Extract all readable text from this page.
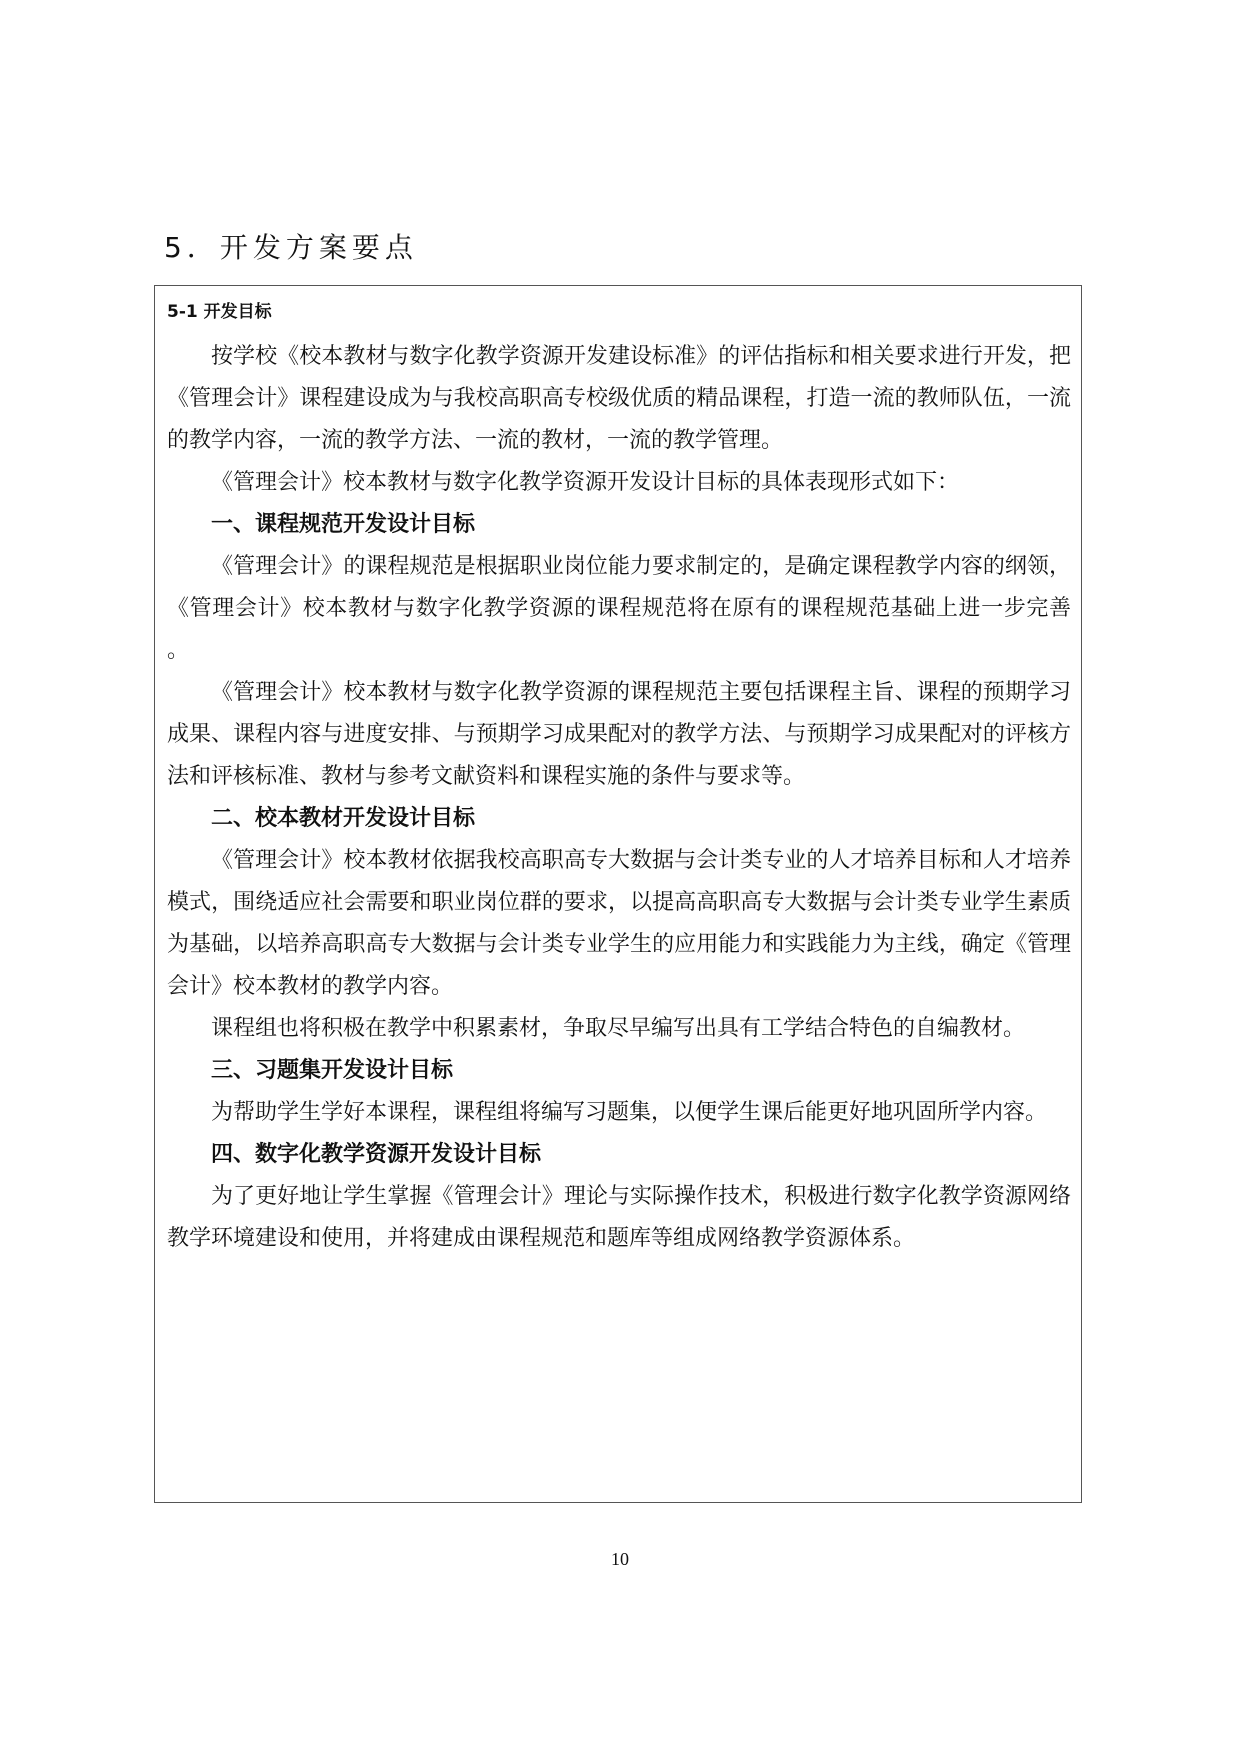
5．开发方案要点

5-1 开发目标

按学校《校本教材与数字化教学资源开发建设标准》的评估指标和相关要求进行开发，把《管理会计》课程建设成为与我校高职高专校级优质的精品课程，打造一流的教师队伍，一流的教学内容，一流的教学方法、一流的教材，一流的教学管理。

《管理会计》校本教材与数字化教学资源开发设计目标的具体表现形式如下：

一、课程规范开发设计目标

《管理会计》的课程规范是根据职业岗位能力要求制定的，是确定课程教学内容的纲领，《管理会计》校本教材与数字化教学资源的课程规范将在原有的课程规范基础上进一步完善 。

《管理会计》校本教材与数字化教学资源的课程规范主要包括课程主旨、课程的预期学习成果、课程内容与进度安排、与预期学习成果配对的教学方法、与预期学习成果配对的评核方法和评核标准、教材与参考文献资料和课程实施的条件与要求等。

二、校本教材开发设计目标

《管理会计》校本教材依据我校高职高专大数据与会计类专业的人才培养目标和人才培养模式，围绕适应社会需要和职业岗位群的要求，以提高高职高专大数据与会计类专业学生素质为基础，以培养高职高专大数据与会计类专业学生的应用能力和实践能力为主线，确定《管理会计》校本教材的教学内容。

课程组也将积极在教学中积累素材，争取尽早编写出具有工学结合特色的自编教材。

三、习题集开发设计目标

为帮助学生学好本课程，课程组将编写习题集，以便学生课后能更好地巩固所学内容。

四、数字化教学资源开发设计目标

为了更好地让学生掌握《管理会计》理论与实际操作技术，积极进行数字化教学资源网络教学环境建设和使用，并将建成由课程规范和题库等组成网络教学资源体系。

10
